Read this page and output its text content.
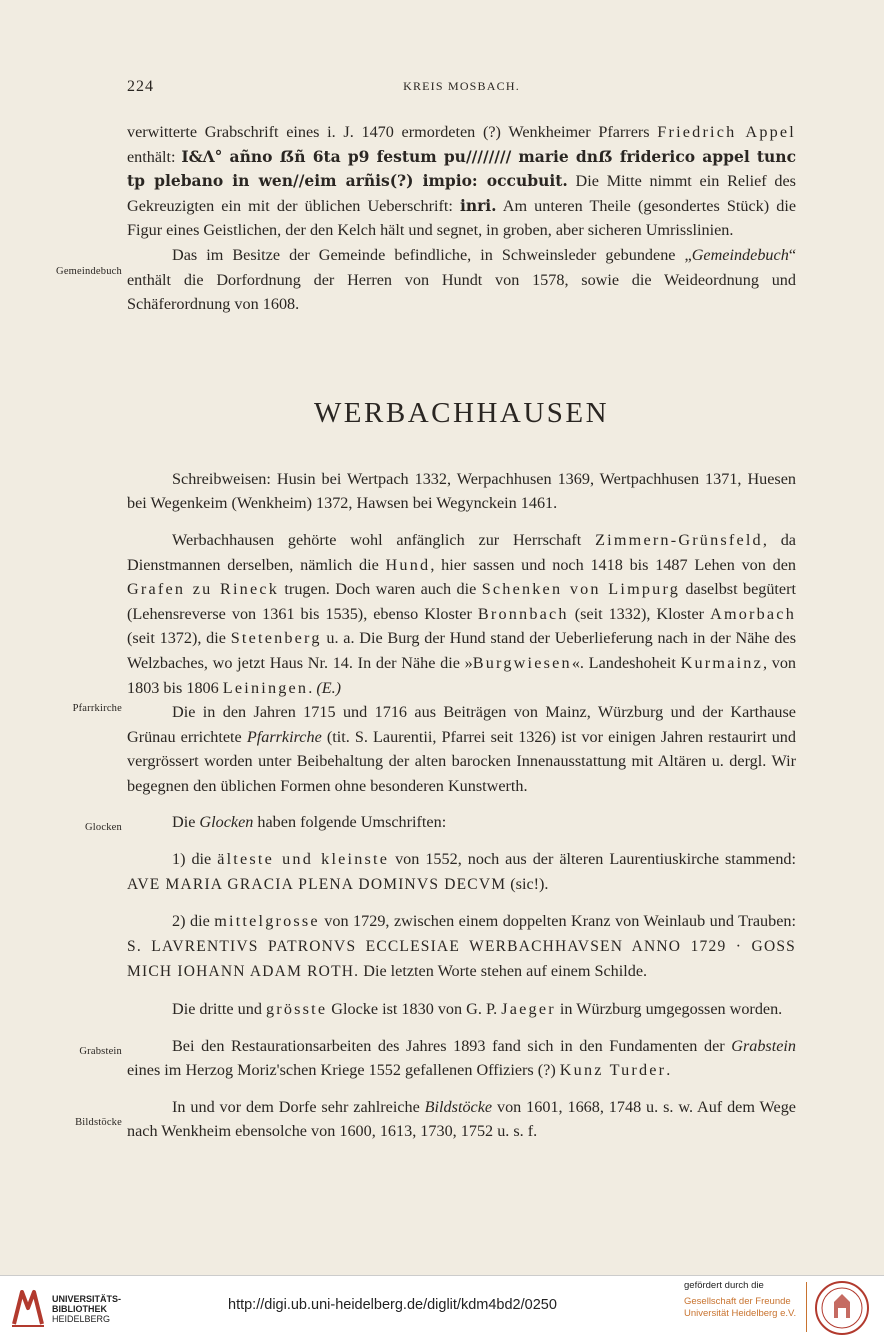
224	KREIS MOSBACH.
Gemeindebuch
Pfarrkirche
Glocken
Grabstein
Bildstöcke

verwitterte Grabschrift eines i. J. 1470 ermordeten (?) Wenkheimer Pfarrers Friedrich Appel enthält: I&Λ° añno ẞñ 6ta p9 festum pu//////// marie dnẞ friderico appel tunc tp plebano in wen//eim arñis(?) impio: occubuit. Die Mitte nimmt ein Relief des Gekreuzigten ein mit der üblichen Ueberschrift: inri. Am unteren Theile (gesondertes Stück) die Figur eines Geistlichen, der den Kelch hält und segnet, in groben, aber sicheren Umrisslinien.

Das im Besitze der Gemeinde befindliche, in Schweinsleder gebundene „Gemeindebuch“ enthält die Dorfordnung der Herren von Hundt von 1578, sowie die Weideordnung und Schäferordnung von 1608.

WERBACHHAUSEN

Schreibweisen: Husin bei Wertpach 1332, Werpachhusen 1369, Wertpachhusen 1371, Huesen bei Wegenkeim (Wenkheim) 1372, Hawsen bei Wegynckein 1461.

Werbachhausen gehörte wohl anfänglich zur Herrschaft Zimmern-Grünsfeld, da Dienstmannen derselben, nämlich die Hund, hier sassen und noch 1418 bis 1487 Lehen von den Grafen zu Rineck trugen. Doch waren auch die Schenken von Limpurg daselbst begütert (Lehensreverse von 1361 bis 1535), ebenso Kloster Bronnbach (seit 1332), Kloster Amorbach (seit 1372), die Stetenberg u. a. Die Burg der Hund stand der Ueberlieferung nach in der Nähe des Welzbaches, wo jetzt Haus Nr. 14. In der Nähe die »Burgwiesen«. Landeshoheit Kurmainz, von 1803 bis 1806 Leiningen. (E.)

Die in den Jahren 1715 und 1716 aus Beiträgen von Mainz, Würzburg und der Karthause Grünau errichtete Pfarrkirche (tit. S. Laurentii, Pfarrei seit 1326) ist vor einigen Jahren restaurirt und vergrössert worden unter Beibehaltung der alten barocken Innenausstattung mit Altären u. dergl. Wir begegnen den üblichen Formen ohne besonderen Kunstwerth.

Die Glocken haben folgende Umschriften:

1) die älteste und kleinste von 1552, noch aus der älteren Laurentiuskirche stammend: AVE MARIA GRACIA PLENA DOMINVS DECVM (sic!).

2) die mittelgrosse von 1729, zwischen einem doppelten Kranz von Weinlaub und Trauben: S. LAVRENTIVS PATRONVS ECCLESIAE WERBACHHAVSEN ANNO 1729 · GOSS MICH IOHANN ADAM ROTH. Die letzten Worte stehen auf einem Schilde.

Die dritte und grösste Glocke ist 1830 von G. P. Jaeger in Würzburg umgegossen worden.

Bei den Restaurationsarbeiten des Jahres 1893 fand sich in den Fundamenten der Grabstein eines im Herzog Moriz'schen Kriege 1552 gefallenen Offiziers (?) Kunz Turder.

In und vor dem Dorfe sehr zahlreiche Bildstöcke von 1601, 1668, 1748 u. s. w. Auf dem Wege nach Wenkheim ebensolche von 1600, 1613, 1730, 1752 u. s. f.

UNIVERSITÄTS-
BIBLIOTHEK
HEIDELBERG
http://digi.ub.uni-heidelberg.de/diglit/kdm4bd2/0250
gefördert durch die
Gesellschaft der Freunde
Universität Heidelberg e.V.
